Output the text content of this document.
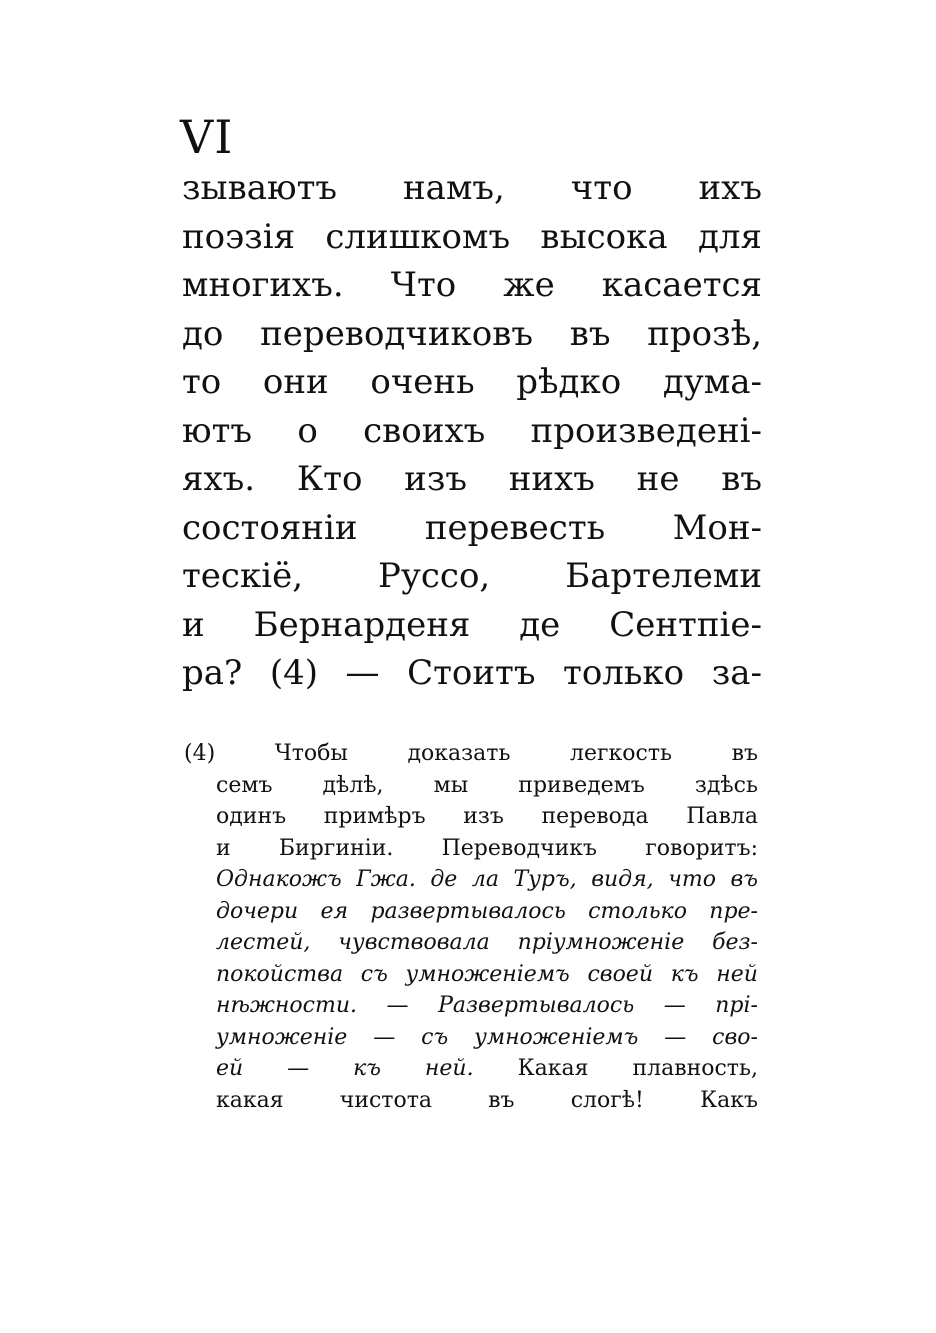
VI
зываютъ намъ, что ихъ
поэзія слишкомъ высока для
многихъ. Что же касается
до переводчиковъ въ прозѣ,
то они очень рѣдко дума-
ютъ о своихъ произведені-
яхъ. Кто изъ нихъ не въ
состояніи перевесть Мон-
тескіё, Руссо, Бартелеми
и Бернарденя де Сентпіе-
ра? (4) — Стоитъ только за-
(4)	Чтобы	доказать	легкость	въ
семъ дѣлѣ, мы приведемъ здѣсь
одинъ примѣръ изъ перевода Павла
и Биргиніи. Переводчикъ говоритъ:
Однакожъ Гжа. де ла Туръ, видя, что въ
дочери ея развертывалось столько пре-
лестей, чувствовала пріумноженіе без-
покойства съ умноженіемъ своей къ ней
нѣжности. — Развертывалось — прі-
умноженіе — съ умноженіемъ — сво-
ей — къ ней. Какая плавность,
какая	чистота	въ	слогѣ!	Какъ
